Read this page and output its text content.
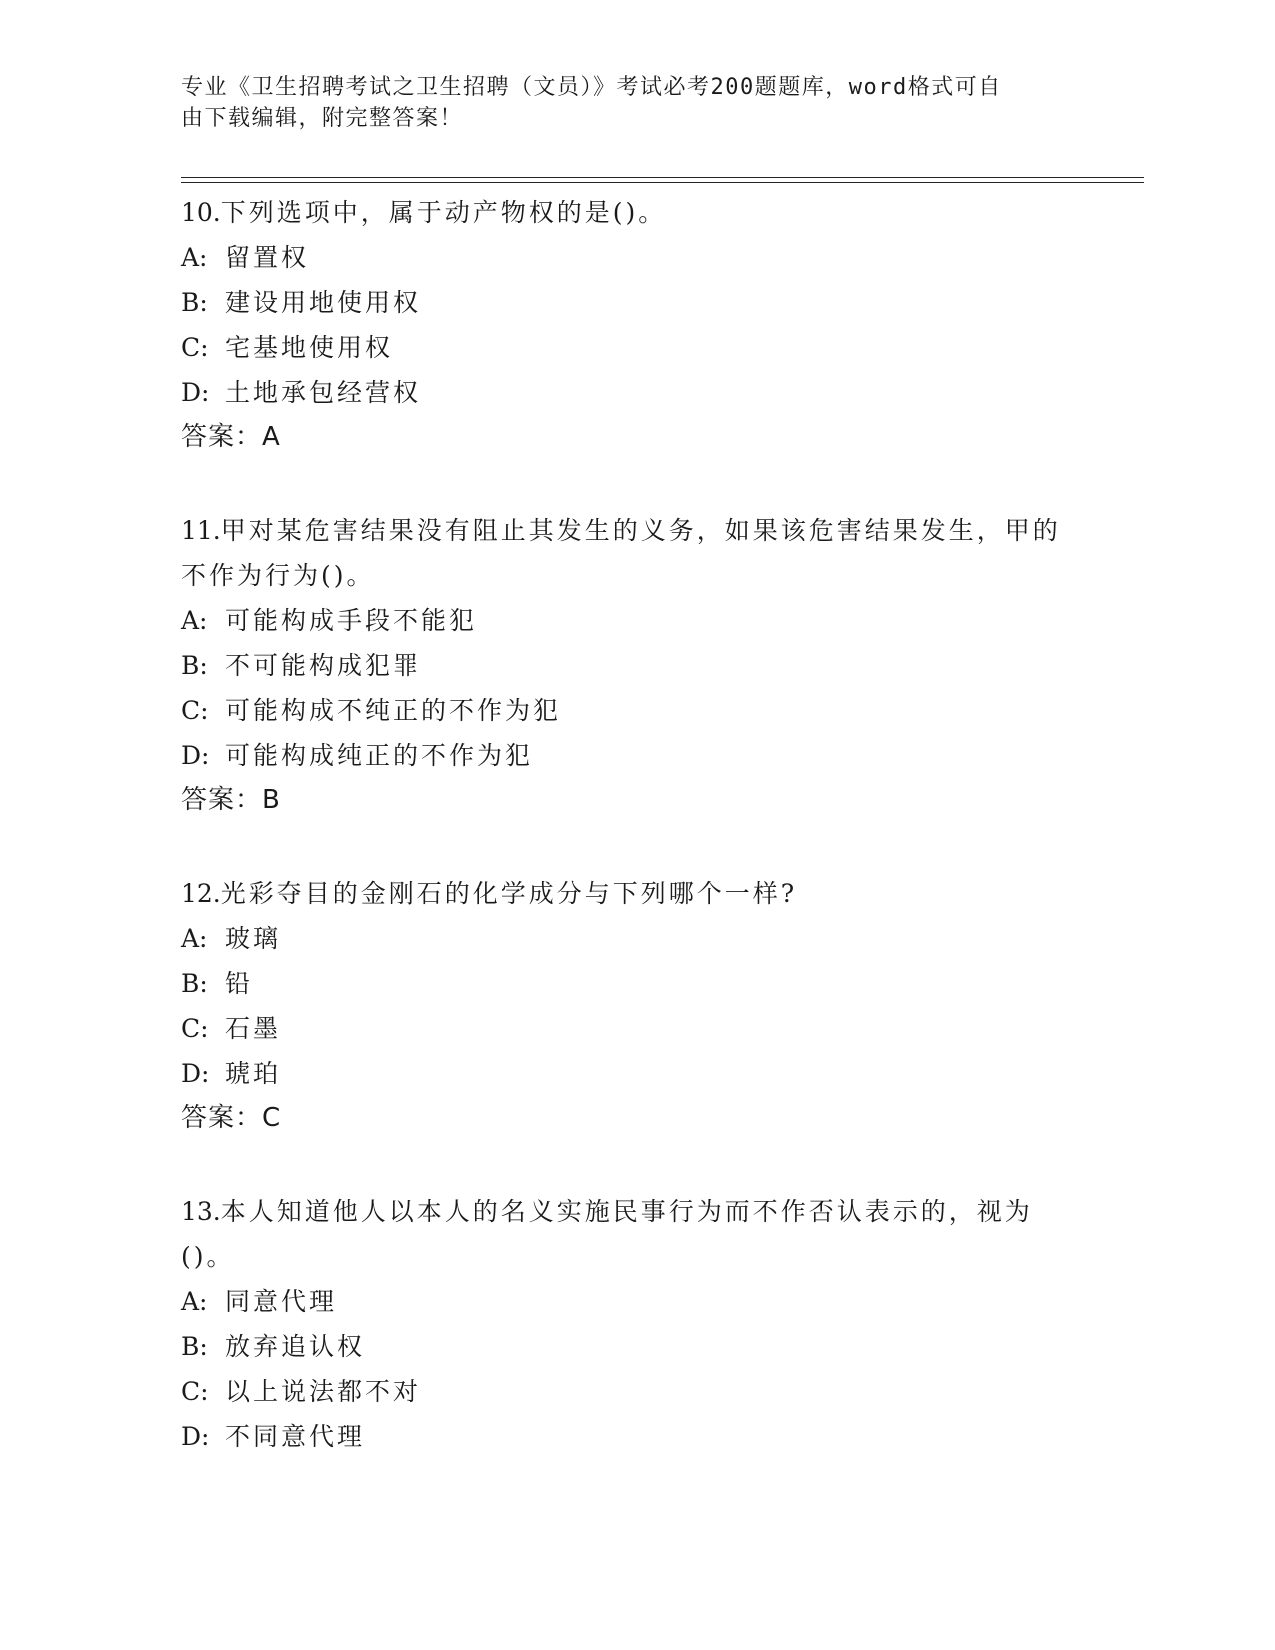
专业《卫生招聘考试之卫生招聘（文员）》考试必考200题题库，word格式可自
由下载编辑，附完整答案！
10.下列选项中，属于动产物权的是()。
A: 留置权
B: 建设用地使用权
C: 宅基地使用权
D: 土地承包经营权
答案：A
11.甲对某危害结果没有阻止其发生的义务，如果该危害结果发生，甲的不作为行为()。
A: 可能构成手段不能犯
B: 不可能构成犯罪
C: 可能构成不纯正的不作为犯
D: 可能构成纯正的不作为犯
答案：B
12.光彩夺目的金刚石的化学成分与下列哪个一样?
A: 玻璃
B: 铅
C: 石墨
D: 琥珀
答案：C
13.本人知道他人以本人的名义实施民事行为而不作否认表示的，视为()。
A: 同意代理
B: 放弃追认权
C: 以上说法都不对
D: 不同意代理
